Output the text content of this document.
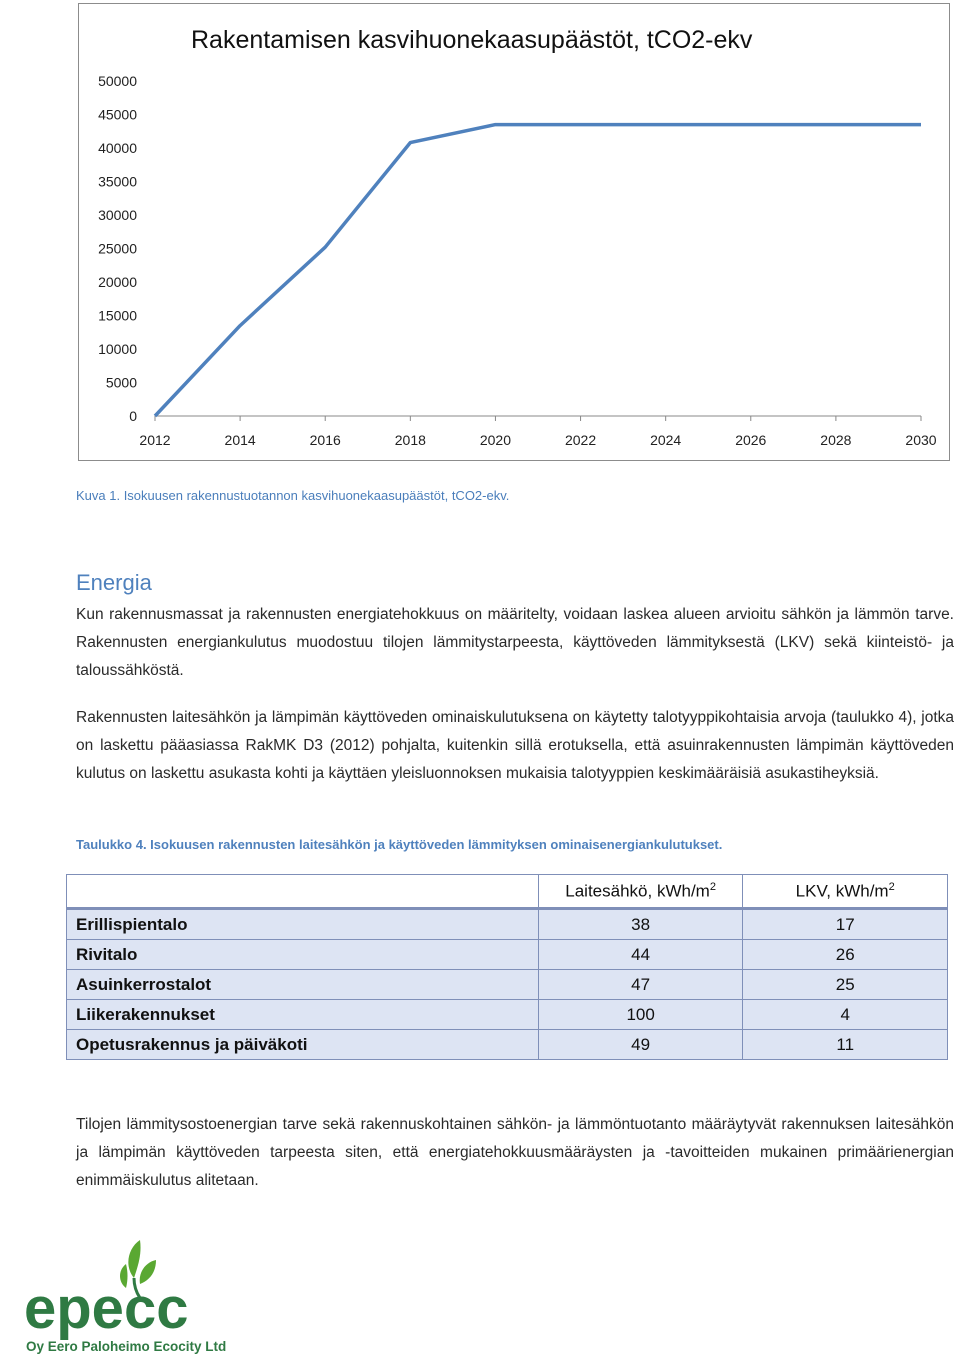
Rakentamisen kasvihuonekaasupäästöt, tCO2-ekv
0
5000
10000
15000
20000
25000
30000
35000
40000
45000
50000
2012	2014	2016	2018	2020	2022	2024	2026	2028	2030
Kuva 1. Isokuusen rakennustuotannon kasvihuonekaasupäästöt, tCO2-ekv.
Energia

Kun rakennusmassat ja rakennusten energiatehokkuus on määritelty, voidaan laskea alueen arvioitu sähkön ja lämmön tarve. Rakennusten energiankulutus muodostuu tilojen lämmitystarpeesta, käyttöveden lämmityksestä (LKV) sekä kiinteistö- ja taloussähköstä.

Rakennusten laitesähkön ja lämpimän käyttöveden ominaiskulutuksena on käytetty talotyyppikohtaisia arvoja (taulukko 4), jotka on laskettu pääasiassa RakMK D3 (2012) pohjalta, kuitenkin sillä erotuksella, että asuinrakennusten lämpimän käyttöveden kulutus on laskettu asukasta kohti ja käyttäen yleisluonnoksen mukaisia talotyyppien keskimääräisiä asukastiheyksiä.

Taulukko 4. Isokuusen rakennusten laitesähkön ja käyttöveden lämmityksen ominaisenergiankulutukset.
	Laitesähkö, kWh/$m^2$	LKV, kWh/$m^2$
Erillispientalo	38	17
Rivitalo	44	26
Asuinkerrostalot	47	25
Liikerakennukset	100	4
Opetusrakennus ja päiväkoti	49	11

Tilojen lämmitysostoenergian tarve sekä rakennuskohtainen sähkön- ja lämmöntuotanto määräytyvät rakennuksen laitesähkön ja lämpimän käyttöveden tarpeesta siten, että energiatehokkuusmääräysten ja -tavoitteiden mukainen primäärienergian enimmäiskulutus alitetaan.

epecc
Oy Eero Paloheimo Ecocity Ltd
